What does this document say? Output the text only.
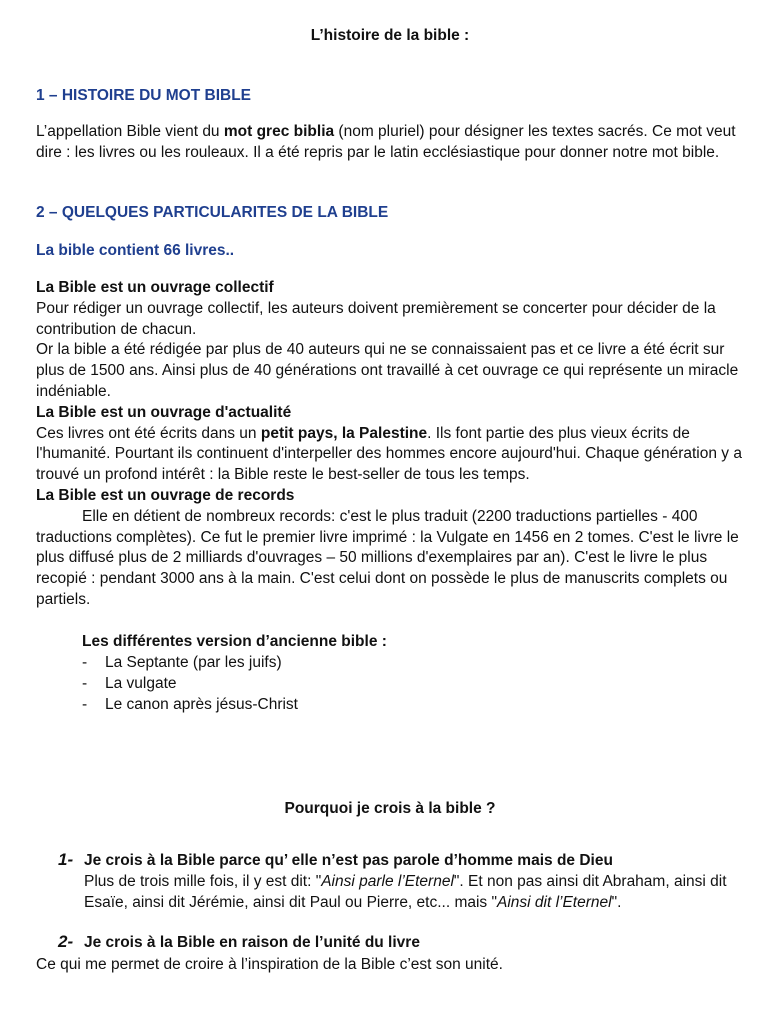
L’histoire de la bible :
1 – HISTOIRE DU MOT BIBLE
L’appellation Bible vient du mot grec biblia (nom pluriel) pour désigner les textes sacrés. Ce mot veut dire : les livres ou les rouleaux. Il a été repris par le latin ecclésiastique pour donner notre mot bible.
2 – QUELQUES PARTICULARITES DE LA BIBLE
La bible contient 66 livres..
La Bible est un ouvrage collectif
Pour rédiger un ouvrage collectif, les auteurs doivent premièrement se concerter pour décider de la contribution de chacun.
Or la bible a été rédigée par plus de 40 auteurs qui ne se connaissaient pas et ce livre a été écrit sur plus de 1500 ans. Ainsi plus de 40 générations ont travaillé à cet ouvrage ce qui représente un miracle indéniable.
La Bible est un ouvrage d'actualité
Ces livres ont été écrits dans un petit pays, la Palestine. Ils font partie des plus vieux écrits de l'humanité. Pourtant ils continuent d'interpeller des hommes encore aujourd'hui. Chaque génération y a trouvé un profond intérêt : la Bible reste le best-seller de tous les temps.
La Bible est un ouvrage de records
Elle en détient de nombreux records: c'est le plus traduit (2200 traductions partielles - 400 traductions complètes). Ce fut le premier livre imprimé : la Vulgate en 1456 en 2 tomes. C'est le livre le plus diffusé plus de 2 milliards d'ouvrages – 50 millions d'exemplaires par an). C'est le livre le plus recopié : pendant 3000 ans à la main. C'est celui dont on possède le plus de manuscrits complets ou partiels.
Les différentes version d’ancienne bible :
- La Septante (par les juifs)
- La vulgate
- Le canon après jésus-Christ
Pourquoi je crois à la bible ?
1- Je crois à la Bible parce qu’ elle n’est pas parole d’homme mais de Dieu
Plus de trois mille fois, il y est dit: "Ainsi parle l’Eternel". Et non pas ainsi dit Abraham, ainsi dit Esaïe, ainsi dit Jérémie, ainsi dit Paul ou Pierre, etc... mais "Ainsi dit l’Eternel".
2- Je crois à la Bible en raison de l’unité du livre
Ce qui me permet de croire à l’inspiration de la Bible c’est son unité.
